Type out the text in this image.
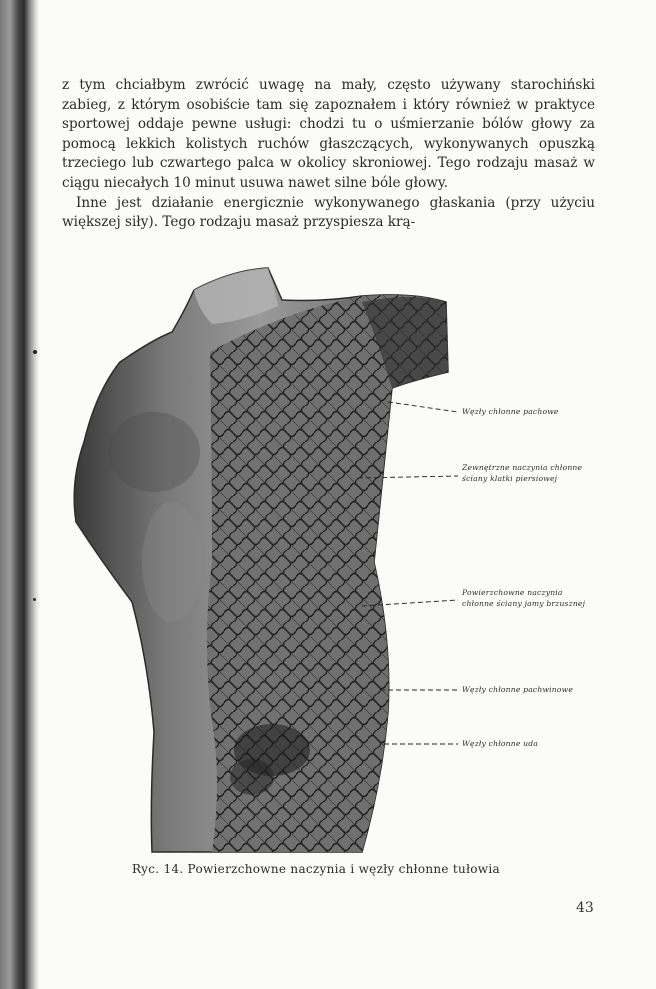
z tym chciałbym zwrócić uwagę na mały, często używany starochiński zabieg, z którym osobiście tam się zapoznałem i który również w praktyce sportowej oddaje pewne usługi: chodzi tu o uśmierzanie bólów głowy za pomocą lekkich kolistych ruchów głaszczących, wykonywanych opuszką trzeciego lub czwartego palca w okolicy skroniowej. Tego rodzaju masaż w ciągu niecałych 10 minut usuwa nawet silne bóle głowy.

Inne jest działanie energicznie wykonywanego głaskania (przy użyciu większej siły). Tego rodzaju masaż przyspiesza krą-

Węzły chłonne pachowe
Zewnętrzne naczynia chłonne
ściany klatki piersiowej
Powierzchowne naczynia
chłonne ściany jamy brzusznej
Węzły chłonne pachwinowe
Węzły chłonne uda
Ryc. 14. Powierzchowne naczynia i węzły chłonne tułowia
43
